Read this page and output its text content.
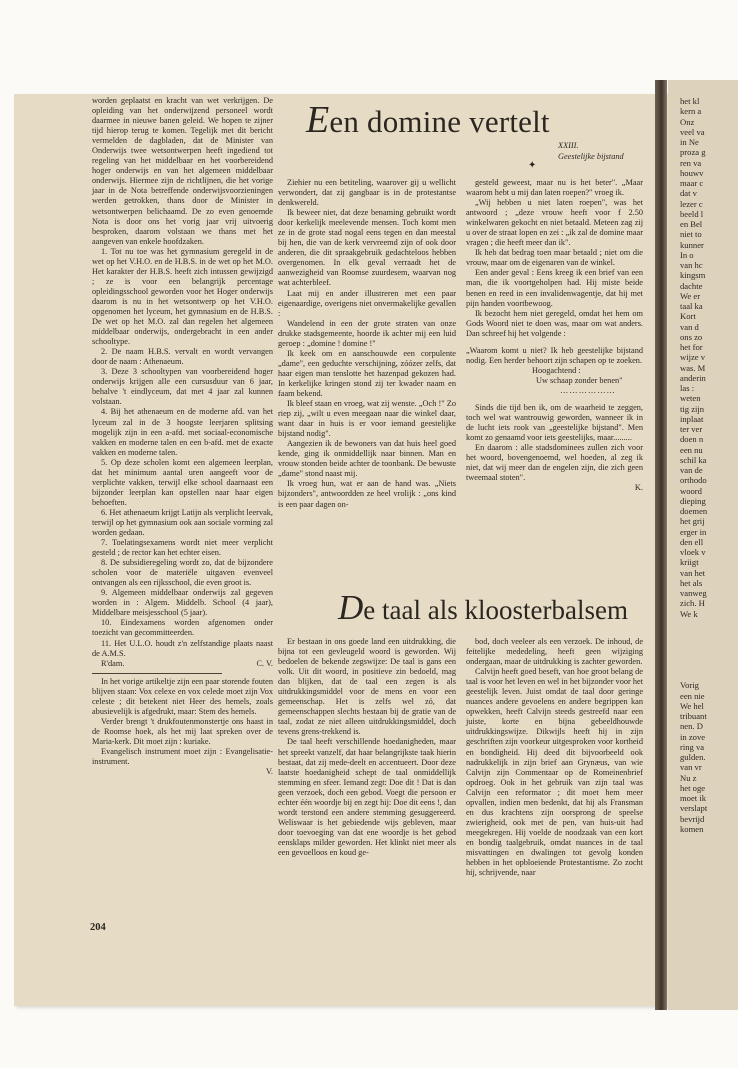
het kl
kern a
Onz
veel va
in Ne
proza g
ren va
houwv
maar c
dat v
lezer c
beeld l
en Bel
niet to
kunner
In o
van hc
kingsm
dachte
We er
taal ka
Kort
van d
ons zo
het for
wijze v
was. M
anderin
las :
weten
tig zijn
inplaat
ter ver
doen n
een nu
schil ka
van de
orthodo
woord
dieping
doemen
het grij
erger in
den ell
vloek v
kriigt
van het
het als
vanweg
zich. H
We k
Vorig
een nie
We hel
tribuant
nen. D
in zove
ring va
gulden.
van vr
Nu z
het oge
moet ik
verslapt
bevrijd
komen

worden geplaatst en kracht van wet verkrijgen. De opleiding van het onderwijzend personeel wordt daarmee in nieuwe banen geleid. We hopen te zijner tijd hierop terug te komen. Tegelijk met dit bericht vermelden de dagbladen, dat de Minister van Onderwijs twee wetsontwerpen heeft ingediend tot regeling van het middelbaar en het voorbereidend hoger onderwijs en van het algemeen middelbaar onderwijs. Hiermee zijn de richtlijnen, die het vorige jaar in de Nota betreffende onderwijsvoorzieningen werden getrokken, thans door de Minister in wetsontwerpen belichaamd. De zo even genoemde Nota is door ons het vorig jaar vrij uitvoerig besproken, daarom volstaan we thans met het aangeven van enkele hoofdzaken.

1. Tot nu toe was het gymnasium geregeld in de wet op het V.H.O. en de H.B.S. in de wet op het M.O. Het karakter der H.B.S. heeft zich intussen gewijzigd ; ze is voor een belangrijk percentage opleidingsschool geworden voor het Hoger onderwijs daarom is nu in het wetsontwerp op het V.H.O. opgenomen het lyceum, het gymnasium en de H.B.S. De wet op het M.O. zal dan regelen het algemeen middelbaar onderwijs, ondergebracht in een ander schooltype.

2. De naam H.B.S. vervalt en wordt vervangen door de naam : Athenaeum.

3. Deze 3 schooltypen van voorbereidend hoger onderwijs krijgen alle een cursusduur van 6 jaar, behalve 't eindlyceum, dat met 4 jaar zal kunnen volstaan.

4. Bij het athenaeum en de moderne afd. van het lyceum zal in de 3 hoogste leerjaren splitsing mogelijk zijn in een a-afd. met sociaal-economische vakken en moderne talen en een b-afd. met de exacte vakken en moderne talen.

5. Op deze scholen komt een algemeen leerplan, dat het minimum aantal uren aangeeft voor de verplichte vakken, terwijl elke school daarnaast een bijzonder leerplan kan opstellen naar haar eigen behoeften.

6. Het athenaeum krijgt Latijn als verplicht leervak, terwijl op het gymnasium ook aan sociale vorming zal worden gedaan.

7. Toelatingsexamens wordt niet meer verplicht gesteld ; de rector kan het echter eisen.

8. De subsidieregeling wordt zo, dat de bijzondere scholen voor de materiële uitgaven evenveel ontvangen als een rijksschool, die even groot is.

9. Algemeen middelbaar onderwijs zal gegeven worden in : Algem. Middelb. School (4 jaar), Middelbare meisjesschool (5 jaar).

10. Eindexamens worden afgenomen onder toezicht van gecommitteerden.

11. Het U.L.O. houdt z'n zelfstandige plaats naast de A.M.S.

R'dam.	C. V.

In het vorige artikeltje zijn een paar storende fouten blijven staan: Vox celexe en vox celede moet zijn Vox celeste ; dit betekent niet Heer des hemels, zoals abusievelijk is afgedrukt, maar: Stem des hemels.

Verder brengt 't drukfoutenmonstertje ons haast in de Roomse hoek, als het mij laat spreken over de Maria-kerk. Dit moet zijn : kuriake.

Evangelisch instrument moet zijn : Evangelisatie-instrument.

V.

Een domine vertelt
XXIII.
Geestelijke bijstand
✦

Ziehier nu een betiteling, waarover gij u wellicht verwondert, dat zij gangbaar is in de protestantse denkwereld.

Ik beweer niet, dat deze benaming gebruikt wordt door kerkelijk meelevende mensen. Toch komt men ze in de grote stad nogal eens tegen en dan meestal bij hen, die van de kerk vervreemd zijn of ook door anderen, die dit spraakgebruik gedachteloos hebben overgenomen. In elk geval verraadt het de aanwezigheid van Roomse zuurdesem, waarvan nog wat achterbleef.

Laat mij en ander illustreren met een paar eigenaardige, overigens niet onvermakelijke gevallen :

Wandelend in een der grote straten van onze drukke stadsgemeente, hoorde ik achter mij een luid geroep : „domine ! domine !"

Ik keek om en aanschouwde een corpulente „dame", een geduchte verschijning, zóózer zelfs, dat haar eigen man tenslotte het hazenpad gekozen had. In kerkelijke kringen stond zij ter kwader naam en faam bekend.

Ik bleef staan en vroeg, wat zij wenste. „Och !" Zo riep zij, „wilt u even meegaan naar die winkel daar, want daar in huis is er voor iemand geestelijke bijstand nodig".

Aangezien ik de bewoners van dat huis heel goed kende, ging ik onmiddellijk naar binnen. Man en vrouw stonden beide achter de toonbank. De bewuste „dame" stond naast mij.

Ik vroeg hun, wat er aan de hand was. „Niets bijzonders", antwoordden ze heel vrolijk : „ons kind is een paar dagen on-

gesteld geweest, maar nu is het beter". „Maar waarom hebt u mij dan laten roepen?" vroeg ik.

„Wij hebben u niet laten roepen", was het antwoord ; „deze vrouw heeft voor f 2.50 winkelwaren gekocht en niet betaald. Meteen zag zij u over de straat lopen en zei : „ik zal de domine maar vragen ; die heeft meer dan ik".

Ik heb dat bedrag toen maar betaald ; niet om die vrouw, maar om de eigenaren van de winkel.

Een ander geval : Eens kreeg ik een brief van een man, die ik voortgeholpen had. Hij miste beide benen en reed in een invalidenwagentje, dat hij met pijn handen voortbewoog.

Ik bezocht hem niet geregeld, omdat het hem om Gods Woord niet te doen was, maar om wat anders. Dan schreef hij het volgende :

„Waarom komt u niet? Ik heb geestelijke bijstand nodig. Een herder behoort zijn schapen op te zoeken.

Hoogachtend :

Uw schaap zonder benen"

………………

Sinds die tijd ben ik, om de waarheid te zeggen, toch wel wat wantrouwig geworden, wanneer ik in de lucht iets rook van „geestelijke bijstand". Men komt zo genaamd voor iets geestelijks, maar.........

En daarom : alle stadsdominees zullen zich voor het woord, bovengenoemd, wel hoeden, al zeg ik niet, dat wij meer dan de engelen zijn, die zich geen tweemaal stoten".

K.

De taal als kloosterbalsem

Er bestaan in ons goede land een uitdrukking, die bijna tot een gevleugeld woord is geworden. Wij bedoelen de bekende zegswijze: De taal is gans een volk. Uit dit woord, in positieve zin bedoeld, mag dan blijken, dat de taal een zegen is als uitdrukkingsmiddel voor de mens en voor een gemeenschap. Het is zelfs wel zó, dat gemeenschappen slechts bestaan bij de gratie van de taal, zodat ze niet alleen uitdrukkingsmiddel, doch tevens grens-trekkend is.

De taal heeft verschillende hoedanigheden, maar het spreekt vanzelf, dat haar belangrijkste taak hierin bestaat, dat zij mede-deelt en accentueert. Door deze laatste hoedanigheid schept de taal onmiddellijk stemming en sfeer. Iemand zegt: Doe dit ! Dat is dan geen verzoek, doch een gebod. Voegt die persoon er echter één woordje bij en zegt hij: Doe dit eens !, dan wordt terstond een andere stemming gesuggereerd. Weliswaar is het gebiedende wijs gebleven, maar door toevoeging van dat ene woordje is het gebod eensklaps milder geworden. Het klinkt niet meer als een gevoelloos en koud ge-

bod, doch veeleer als een verzoek. De inhoud, de feitelijke mededeling, heeft geen wijziging ondergaan, maar de uitdrukking is zachter geworden.

Calvijn heeft goed beseft, van hoe groot belang de taal is voor het leven en wel in het bijzonder voor het geestelijk leven. Juist omdat de taal door geringe nuances andere gevoelens en andere begrippen kan opwekken, heeft Calvijn steeds gestreefd naar een juiste, korte en bijna gebeeldhouwde uitdrukkingswijze. Dikwijls heeft hij in zijn geschriften zijn voorkeur uitgesproken voor kortheid en bondigheid. Hij deed dit bijvoorbeeld ook nadrukkelijk in zijn brief aan Grynæus, van wie Calvijn zijn Commentaar op de Romeinenbrief opdroeg. Ook in het gebruik van zijn taal was Calvijn een reformator ; dit moet hem meer opvallen, indien men bedenkt, dat hij als Fransman en dus krachtens zijn oorsprong de speelse zwierigheid, ook met de pen, van huis-uit had meegekregen. Hij voelde de noodzaak van een kort en bondig taalgebruik, omdat nuances in de taal misvattingen en dwalingen tot gevolg konden hebben in het opbloeiende Protestantisme. Zo zocht hij, schrijvende, naar

204
